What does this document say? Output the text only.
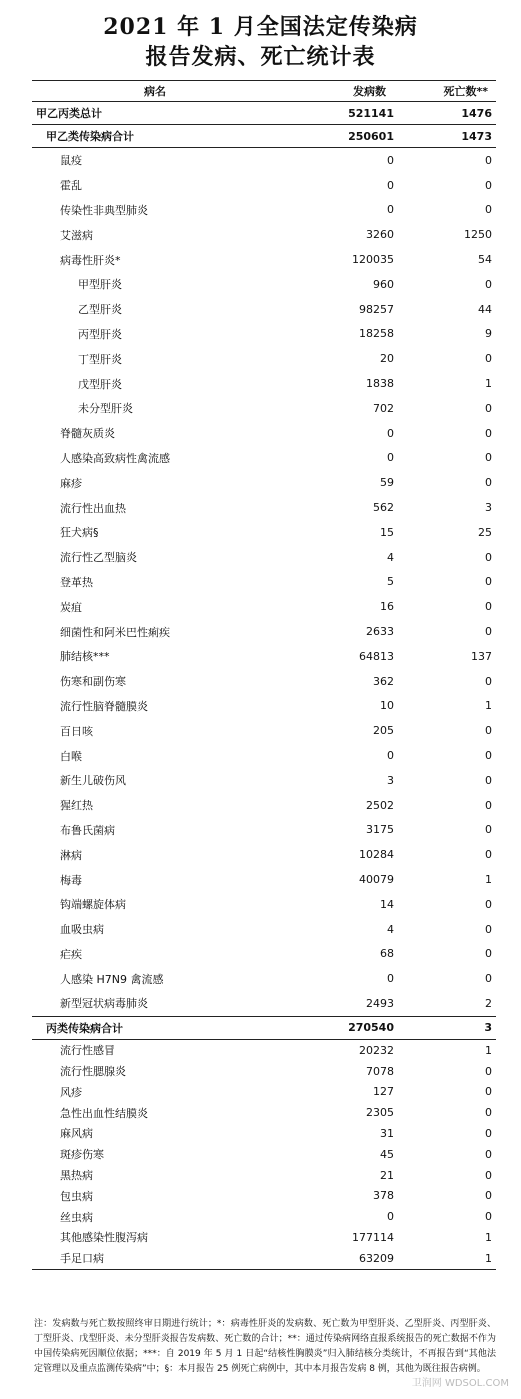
2021 年 1 月全国法定传染病
报告发病、死亡统计表
病名	发病数	死亡数**
甲乙丙类总计	521141	1476
甲乙类传染病合计	250601	1473
鼠疫	0	0
霍乱	0	0
传染性非典型肺炎	0	0
艾滋病	3260	1250
病毒性肝炎*	120035	54
甲型肝炎	960	0
乙型肝炎	98257	44
丙型肝炎	18258	9
丁型肝炎	20	0
戊型肝炎	1838	1
未分型肝炎	702	0
脊髓灰质炎	0	0
人感染高致病性禽流感	0	0
麻疹	59	0
流行性出血热	562	3
狂犬病§	15	25
流行性乙型脑炎	4	0
登革热	5	0
炭疽	16	0
细菌性和阿米巴性痢疾	2633	0
肺结核***	64813	137
伤寒和副伤寒	362	0
流行性脑脊髓膜炎	10	1
百日咳	205	0
白喉	0	0
新生儿破伤风	3	0
猩红热	2502	0
布鲁氏菌病	3175	0
淋病	10284	0
梅毒	40079	1
钩端螺旋体病	14	0
血吸虫病	4	0
疟疾	68	0
人感染 H7N9 禽流感	0	0
新型冠状病毒肺炎	2493	2
丙类传染病合计	270540	3
流行性感冒	20232	1
流行性腮腺炎	7078	0
风疹	127	0
急性出血性结膜炎	2305	0
麻风病	31	0
斑疹伤寒	45	0
黑热病	21	0
包虫病	378	0
丝虫病	0	0
其他感染性腹泻病	177114	1
手足口病	63209	1
注：发病数与死亡数按照终审日期进行统计；*：病毒性肝炎的发病数、死亡数为甲型肝炎、乙型肝炎、丙型肝炎、丁型肝炎、戊型肝炎、未分型肝炎报告发病数、死亡数的合计；**：通过传染病网络直报系统报告的死亡数据不作为中国传染病死因顺位依据；***：自 2019 年 5 月 1 日起“结核性胸膜炎”归入肺结核分类统计，不再报告到“其他法定管理以及重点监测传染病”中；§：本月报告 25 例死亡病例中，其中本月报告发病 8 例，其他为既往报告病例。
卫润网 WDSOL.COM
